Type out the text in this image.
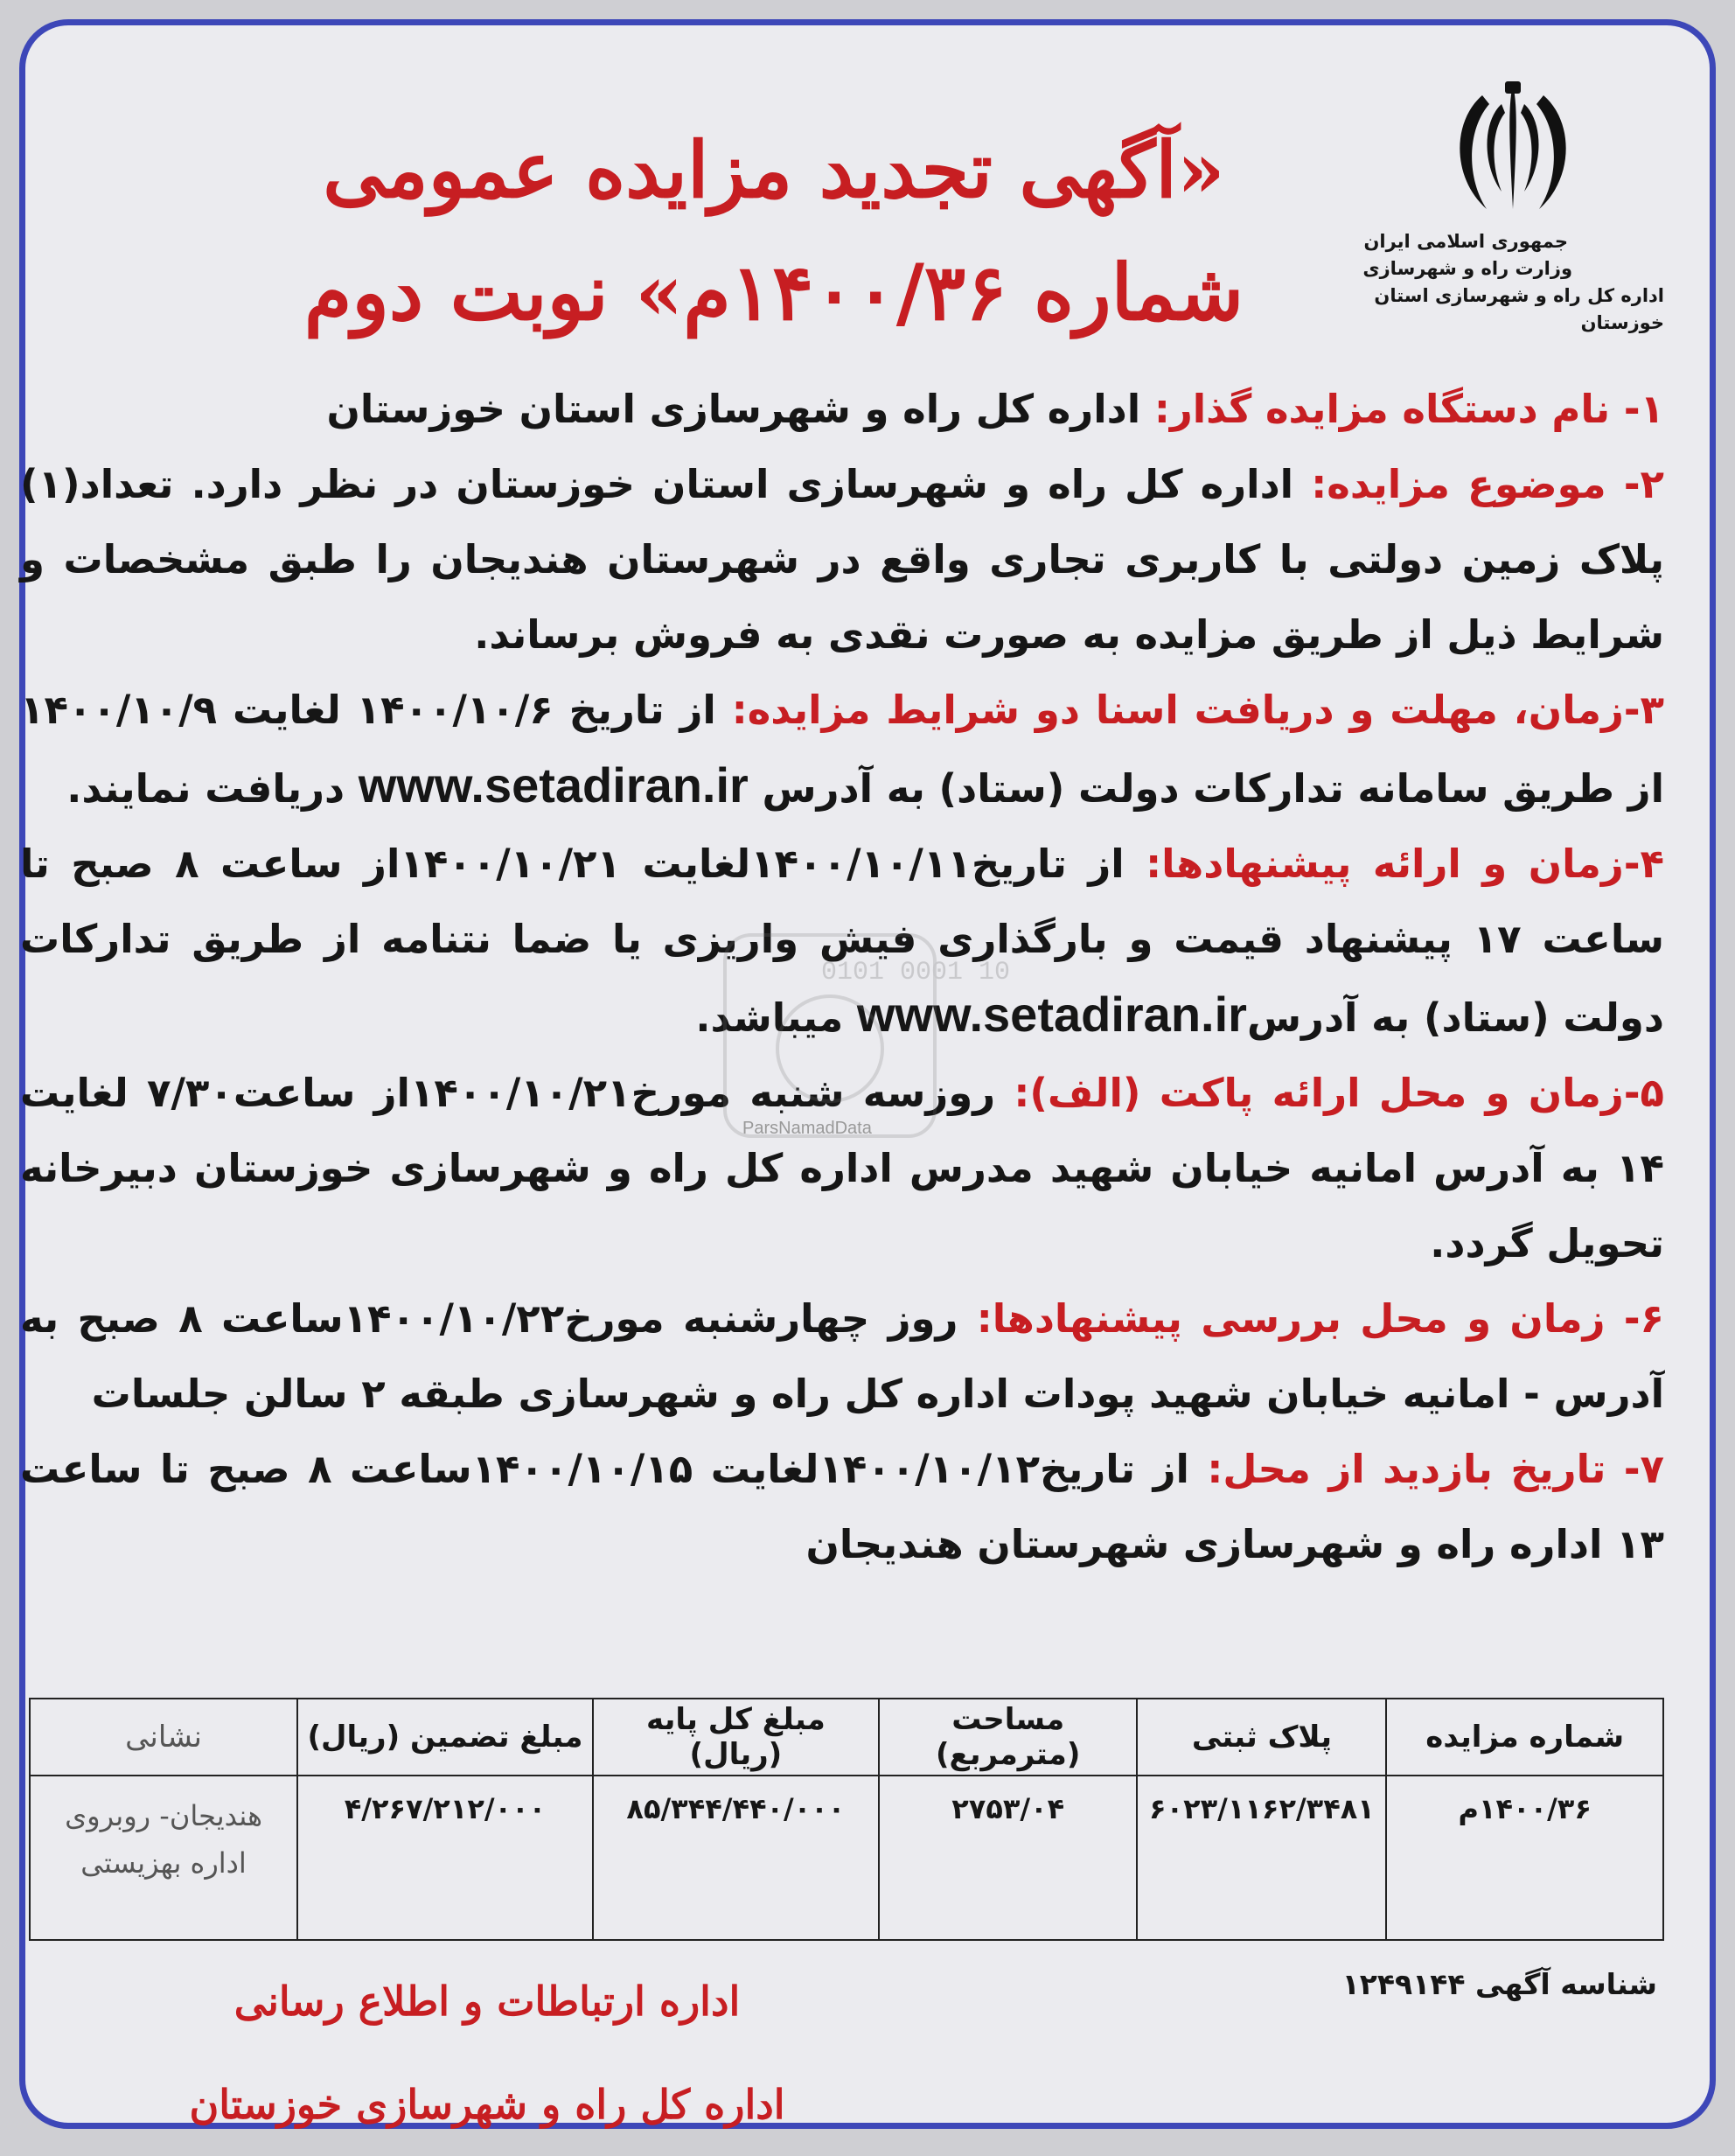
جمهوری اسلامی ایران
وزارت راه و شهرسازی
اداره کل راه و شهرسازی استان خوزستان
«آگهی تجدید مزایده عمومی
شماره ۱۴۰۰/۳۶م» نوبت دوم

۱- نام دستگاه مزایده گذار: اداره کل راه و شهرسازی استان خوزستان

۲- موضوع مزایده: اداره کل راه و شهرسازی استان خوزستان در نظر دارد. تعداد(۱) پلاک زمین دولتی با کاربری تجاری واقع در شهرستان هندیجان را طبق مشخصات و شرایط ذیل از طریق مزایده به صورت نقدی به فروش برساند.

۳-زمان، مهلت و دریافت اسنا دو شرایط مزایده: از تاریخ ۱۴۰۰/۱۰/۶ لغایت ۱۴۰۰/۱۰/۹ از طریق سامانه تدارکات دولت (ستاد) به آدرس www.setadiran.ir دریافت نمایند.

۴-زمان و ارائه پیشنهادها: از تاریخ۱۴۰۰/۱۰/۱۱لغایت ۱۴۰۰/۱۰/۲۱از ساعت ۸ صبح تا ساعت ۱۷ پیشنهاد قیمت و بارگذاری فیش واریزی یا ضما نتنامه از طریق تدارکات دولت (ستاد) به آدرسwww.setadiran.ir میباشد.

۵-زمان و محل ارائه پاکت (الف): روزسه شنبه مورخ۱۴۰۰/۱۰/۲۱از ساعت۷/۳۰ لغایت ۱۴ به آدرس امانیه خیابان شهید مدرس اداره کل راه و شهرسازی خوزستان دبیرخانه تحویل گردد.

۶- زمان و محل بررسی پیشنهادها: روز چهارشنبه مورخ۱۴۰۰/۱۰/۲۲ساعت ۸ صبح به آدرس - امانیه خیابان شهید پودات اداره کل راه و شهرسازی طبقه ۲ سالن جلسات

۷- تاریخ بازدید از محل: از تاریخ۱۴۰۰/۱۰/۱۲لغایت ۱۴۰۰/۱۰/۱۵ساعت ۸ صبح تا ساعت ۱۳ اداره راه و شهرسازی شهرستان هندیجان

شماره مزایده	پلاک ثبتی	مساحت (مترمربع)	مبلغ کل پایه (ریال)	مبلغ تضمین (ریال)	نشانی
۱۴۰۰/۳۶م	۶۰۲۳/۱۱۶۲/۳۴۸۱	۲۷۵۳/۰۴	۸۵/۳۴۴/۴۴۰/۰۰۰	۴/۲۶۷/۲۱۲/۰۰۰	هندیجان- روبروی اداره بهزیستی
شناسه آگهی ۱۲۴۹۱۴۴
اداره ارتباطات و اطلاع رسانی
اداره کل راه و شهرسازی خوزستان
0101 0001 10
ParsNamadData
